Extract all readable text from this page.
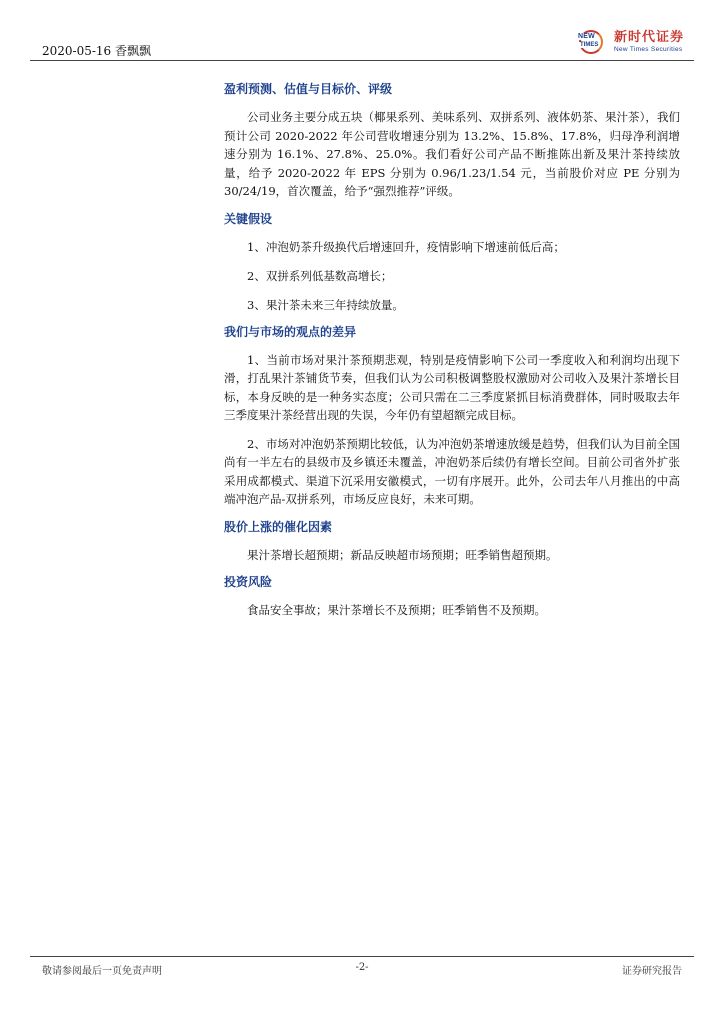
2020-05-16 香飘飘
NEW
TIMES 新时代证券
New Times Securities

盈利预测、估值与目标价、评级

公司业务主要分成五块（椰果系列、美味系列、双拼系列、液体奶茶、果汁茶），我们预计公司 2020-2022 年公司营收增速分别为 13.2%、15.8%、17.8%，归母净利润增速分别为 16.1%、27.8%、25.0%。我们看好公司产品不断推陈出新及果汁茶持续放量，给予 2020-2022 年 EPS 分别为 0.96/1.23/1.54 元，当前股价对应 PE 分别为 30/24/19，首次覆盖，给予“强烈推荐”评级。

关键假设

1、冲泡奶茶升级换代后增速回升，疫情影响下增速前低后高；

2、双拼系列低基数高增长；

3、果汁茶未来三年持续放量。

我们与市场的观点的差异

1、当前市场对果汁茶预期悲观，特别是疫情影响下公司一季度收入和利润均出现下滑，打乱果汁茶铺货节奏，但我们认为公司积极调整股权激励对公司收入及果汁茶增长目标，本身反映的是一种务实态度；公司只需在二三季度紧抓目标消费群体，同时吸取去年三季度果汁茶经营出现的失误，今年仍有望超额完成目标。

2、市场对冲泡奶茶预期比较低，认为冲泡奶茶增速放缓是趋势，但我们认为目前全国尚有一半左右的县级市及乡镇还未覆盖，冲泡奶茶后续仍有增长空间。目前公司省外扩张采用成都模式、渠道下沉采用安徽模式，一切有序展开。此外，公司去年八月推出的中高端冲泡产品-双拼系列，市场反应良好，未来可期。

股价上涨的催化因素

果汁茶增长超预期；新品反映超市场预期；旺季销售超预期。

投资风险

食品安全事故；果汁茶增长不及预期；旺季销售不及预期。

敬请参阅最后一页免责声明	-2-	证券研究报告
